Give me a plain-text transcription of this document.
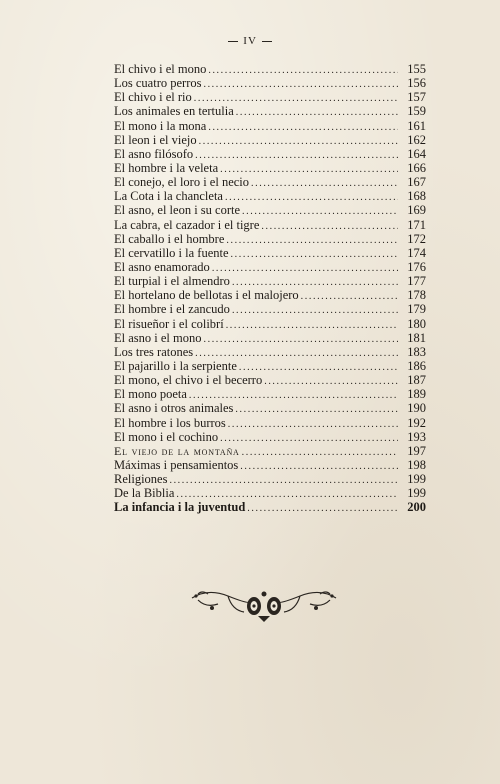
IV
El chivo i el mono .....	155
Los cuatro perros .....	156
El chivo i el rio .....	157
Los animales en tertulia .....	159
El mono i la mona .....	161
El leon i el viejo .....	162
El asno filósofo .....	164
El hombre i la veleta .....	166
El conejo, el loro i el necio .....	167
La Cota i la chancleta .....	168
El asno, el leon i su corte .....	169
La cabra, el cazador i el tigre .....	171
El caballo i el hombre .....	172
El cervatillo i la fuente .....	174
El asno enamorado .....	176
El turpial i el almendro .....	177
El hortelano de bellotas i el malojero .....	178
El hombre i el zancudo .....	179
El risueñor i el colibrí .....	180
El asno i el mono .....	181
Los tres ratones .....	183
El pajarillo i la serpiente .....	186
El mono, el chivo i el becerro .....	187
El mono poeta .....	189
El asno i otros animales .....	190
El hombre i los burros .....	192
El mono i el cochino .....	193
El viejo de la montaña .....	197
Máximas i pensamientos .....	198
Religiones .....	199
De la Biblia .....	199
La infancia i la juventud .....	200
